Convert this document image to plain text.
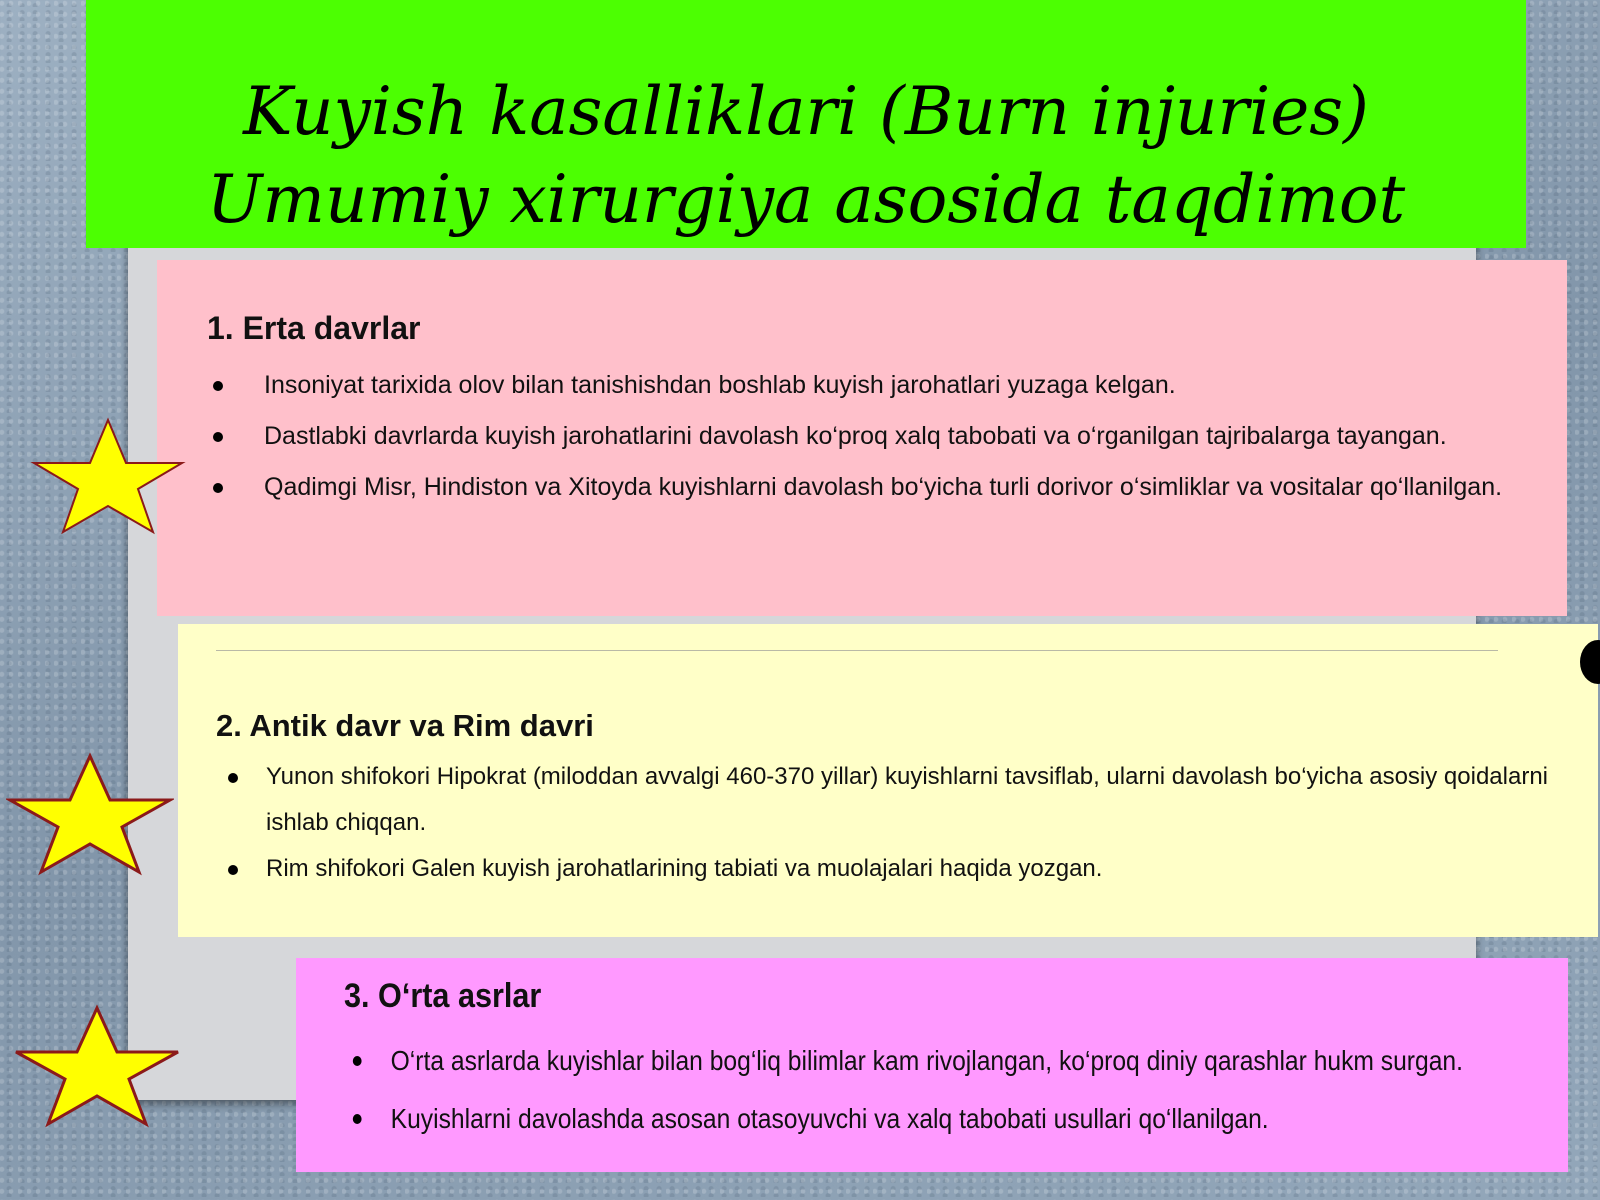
Kuyish kasalliklari (Burn injuries)
Umumiy xirurgiya asosida taqdimot
1. Erta davrlar
Insoniyat tarixida olov bilan tanishishdan boshlab kuyish jarohatlari yuzaga kelgan.
Dastlabki davrlarda kuyish jarohatlarini davolash ko‘proq xalq tabobati va o‘rganilgan tajribalarga tayangan.
Qadimgi Misr, Hindiston va Xitoyda kuyishlarni davolash bo‘yicha turli dorivor o‘simliklar va vositalar qo‘llanilgan.
2. Antik davr va Rim davri
Yunon shifokori Hipokrat (miloddan avvalgi 460-370 yillar) kuyishlarni tavsiflab, ularni davolash bo‘yicha asosiy qoidalarni ishlab chiqqan.
Rim shifokori Galen kuyish jarohatlarining tabiati va muolajalari haqida yozgan.
3. O‘rta asrlar
O‘rta asrlarda kuyishlar bilan bog‘liq bilimlar kam rivojlangan, ko‘proq diniy qarashlar hukm surgan.
Kuyishlarni davolashda asosan otasoyuvchi va xalq tabobati usullari qo‘llanilgan.
